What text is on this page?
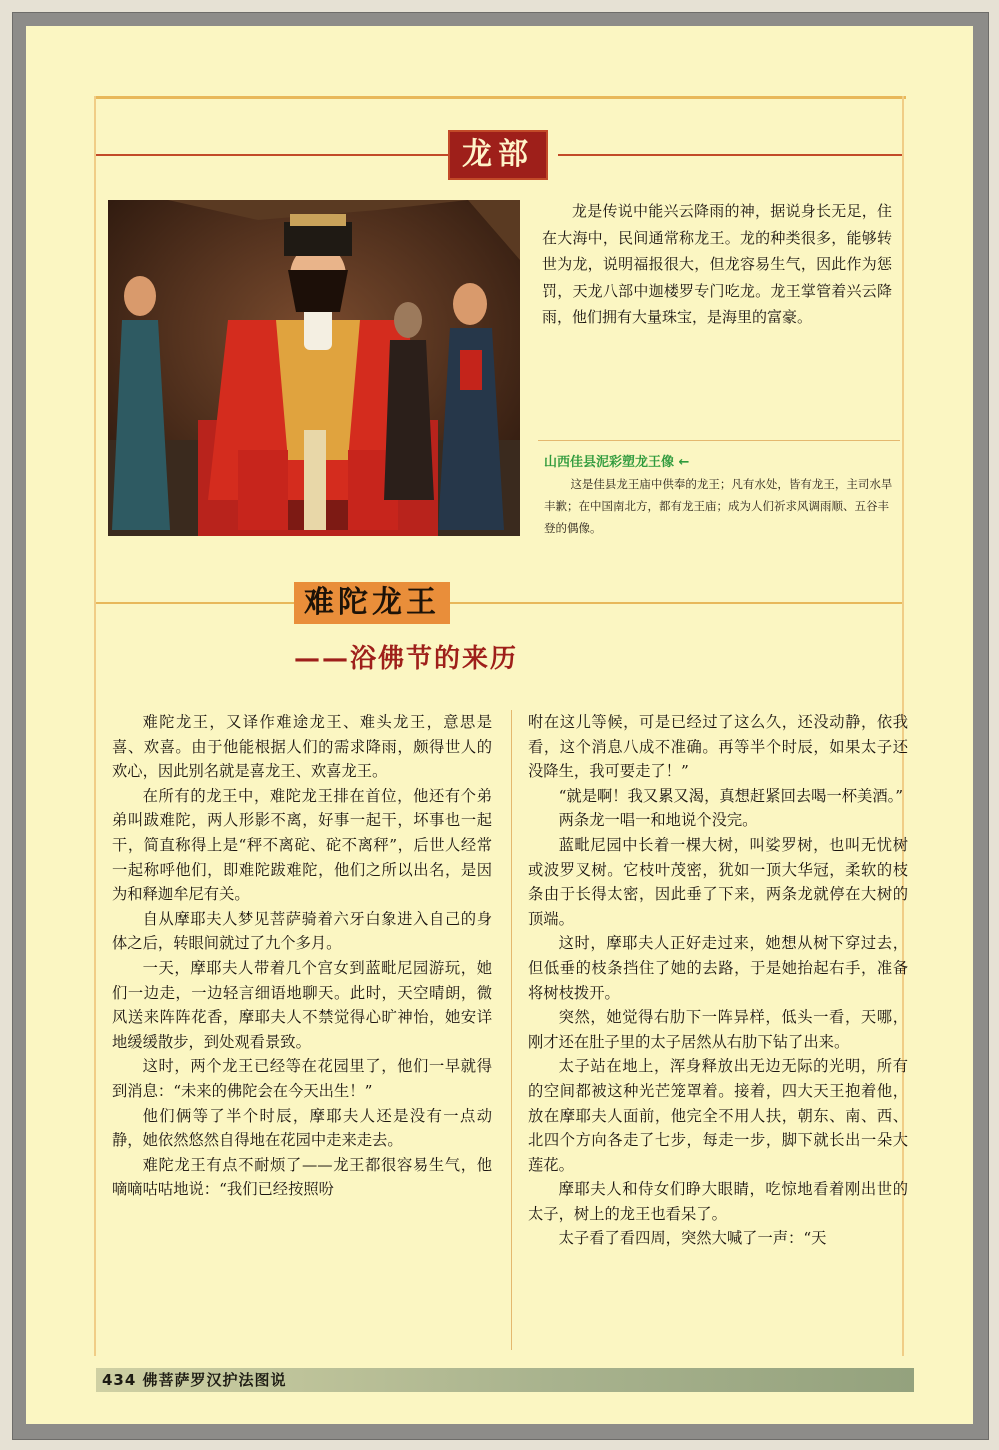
龙部
龙是传说中能兴云降雨的神，据说身长无足，住在大海中，民间通常称龙王。龙的种类很多，能够转世为龙，说明福报很大，但龙容易生气，因此作为惩罚，天龙八部中迦楼罗专门吃龙。龙王掌管着兴云降雨，他们拥有大量珠宝，是海里的富豪。
山西佳县泥彩塑龙王像 ←
这是佳县龙王庙中供奉的龙王；凡有水处，皆有龙王，主司水旱丰歉；在中国南北方，都有龙王庙；成为人们祈求风调雨顺、五谷丰登的偶像。
难陀龙王
——浴佛节的来历

难陀龙王，又译作难途龙王、难头龙王，意思是喜、欢喜。由于他能根据人们的需求降雨，颇得世人的欢心，因此别名就是喜龙王、欢喜龙王。

在所有的龙王中，难陀龙王排在首位，他还有个弟弟叫跋难陀，两人形影不离，好事一起干，坏事也一起干，简直称得上是“秤不离砣、砣不离秤”，后世人经常一起称呼他们，即难陀跋难陀，他们之所以出名，是因为和释迦牟尼有关。

自从摩耶夫人梦见菩萨骑着六牙白象进入自己的身体之后，转眼间就过了九个多月。

一天，摩耶夫人带着几个宫女到蓝毗尼园游玩，她们一边走，一边轻言细语地聊天。此时，天空晴朗，微风送来阵阵花香，摩耶夫人不禁觉得心旷神怡，她安详地缓缓散步，到处观看景致。

这时，两个龙王已经等在花园里了，他们一早就得到消息：“未来的佛陀会在今天出生！”

他们俩等了半个时辰，摩耶夫人还是没有一点动静，她依然悠然自得地在花园中走来走去。

难陀龙王有点不耐烦了——龙王都很容易生气，他嘀嘀咕咕地说：“我们已经按照吩

咐在这儿等候，可是已经过了这么久，还没动静，依我看，这个消息八成不准确。再等半个时辰，如果太子还没降生，我可要走了！”

“就是啊！我又累又渴，真想赶紧回去喝一杯美酒。”

两条龙一唱一和地说个没完。

蓝毗尼园中长着一棵大树，叫娑罗树，也叫无忧树或波罗叉树。它枝叶茂密，犹如一顶大华冠，柔软的枝条由于长得太密，因此垂了下来，两条龙就停在大树的顶端。

这时，摩耶夫人正好走过来，她想从树下穿过去，但低垂的枝条挡住了她的去路，于是她抬起右手，准备将树枝拨开。

突然，她觉得右肋下一阵异样，低头一看，天哪，刚才还在肚子里的太子居然从右肋下钻了出来。

太子站在地上，浑身释放出无边无际的光明，所有的空间都被这种光芒笼罩着。接着，四大天王抱着他，放在摩耶夫人面前，他完全不用人扶，朝东、南、西、北四个方向各走了七步，每走一步，脚下就长出一朵大莲花。

摩耶夫人和侍女们睁大眼睛，吃惊地看着刚出世的太子，树上的龙王也看呆了。

太子看了看四周，突然大喊了一声：“天

434 佛菩萨罗汉护法图说
